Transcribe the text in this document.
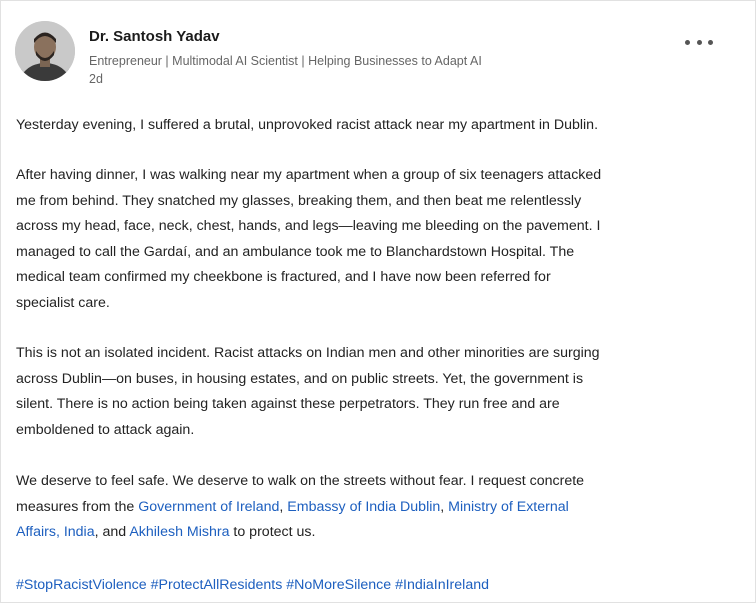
Dr. Santosh Yadav
Entrepreneur | Multimodal AI Scientist | Helping Businesses to Adapt AI
2d

Yesterday evening, I suffered a brutal, unprovoked racist attack near my apartment in Dublin.

After having dinner, I was walking near my apartment when a group of six teenagers attacked
me from behind. They snatched my glasses, breaking them, and then beat me relentlessly
across my head, face, neck, chest, hands, and legs—leaving me bleeding on the pavement. I
managed to call the Gardaí, and an ambulance took me to Blanchardstown Hospital. The
medical team confirmed my cheekbone is fractured, and I have now been referred for
specialist care.
This is not an isolated incident. Racist attacks on Indian men and other minorities are surging
across Dublin—on buses, in housing estates, and on public streets. Yet, the government is
silent. There is no action being taken against these perpetrators. They run free and are
emboldened to attack again.
We deserve to feel safe. We deserve to walk on the streets without fear. I request concrete
measures from the Government of Ireland, Embassy of India Dublin, Ministry of External
Affairs, India, and Akhilesh Mishra to protect us.
#StopRacistViolence #ProtectAllResidents #NoMoreSilence #IndiaInIreland
